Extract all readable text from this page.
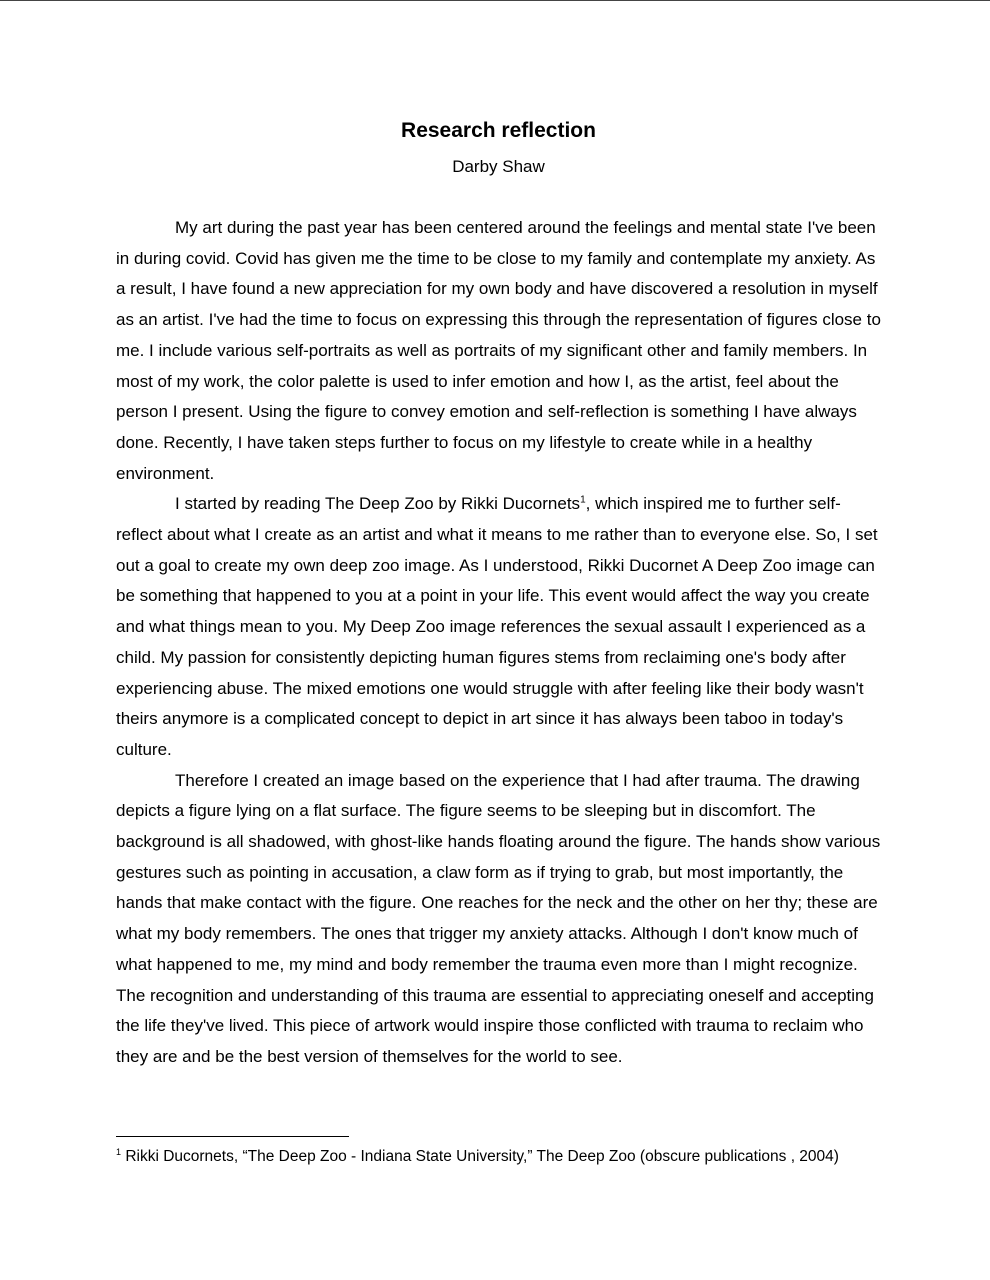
Research reflection

Darby Shaw

My art during the past year has been centered around the feelings and mental state I've been in during covid. Covid has given me the time to be close to my family and contemplate my anxiety. As a result, I have found a new appreciation for my own body and have discovered a resolution in myself as an artist. I've had the time to focus on expressing this through the representation of figures close to me. I include various self-portraits as well as portraits of my significant other and family members. In most of my work, the color palette is used to infer emotion and how I, as the artist, feel about the person I present. Using the figure to convey emotion and self-reflection is something I have always done. Recently, I have taken steps further to focus on my lifestyle to create while in a healthy environment.

I started by reading The Deep Zoo by Rikki Ducornets$^1$, which inspired me to further self-reflect about what I create as an artist and what it means to me rather than to everyone else. So, I set out a goal to create my own deep zoo image. As I understood, Rikki Ducornet A Deep Zoo image can be something that happened to you at a point in your life. This event would affect the way you create and what things mean to you. My Deep Zoo image references the sexual assault I experienced as a child. My passion for consistently depicting human figures stems from reclaiming one's body after experiencing abuse. The mixed emotions one would struggle with after feeling like their body wasn't theirs anymore is a complicated concept to depict in art since it has always been taboo in today's culture.

Therefore I created an image based on the experience that I had after trauma. The drawing depicts a figure lying on a flat surface. The figure seems to be sleeping but in discomfort. The background is all shadowed, with ghost-like hands floating around the figure. The hands show various gestures such as pointing in accusation, a claw form as if trying to grab, but most importantly, the hands that make contact with the figure. One reaches for the neck and the other on her thy; these are what my body remembers. The ones that trigger my anxiety attacks. Although I don't know much of what happened to me, my mind and body remember the trauma even more than I might recognize. The recognition and understanding of this trauma are essential to appreciating oneself and accepting the life they've lived. This piece of artwork would inspire those conflicted with trauma to reclaim who they are and be the best version of themselves for the world to see.

$^1$ Rikki Ducornets, “The Deep Zoo - Indiana State University,” The Deep Zoo (obscure publications , 2004)
